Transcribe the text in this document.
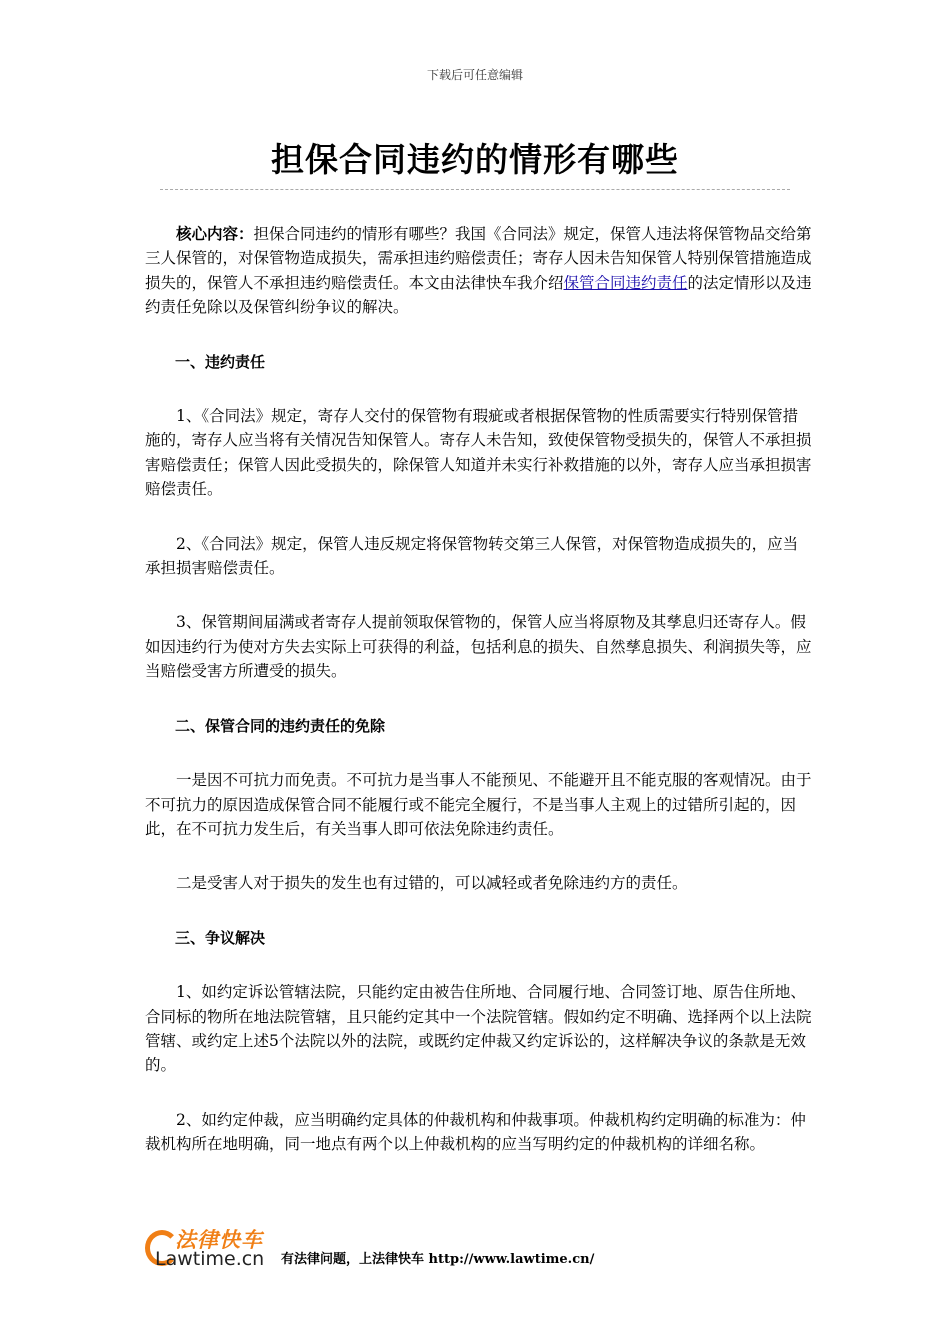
下载后可任意编辑
担保合同违约的情形有哪些

核心内容：担保合同违约的情形有哪些？我国《合同法》规定，保管人违法将保管物品交给第三人保管的，对保管物造成损失，需承担违约赔偿责任；寄存人因未告知保管人特别保管措施造成损失的，保管人不承担违约赔偿责任。本文由法律快车我介绍保管合同违约责任的法定情形以及违约责任免除以及保管纠纷争议的解决。

一、违约责任

1、《合同法》规定，寄存人交付的保管物有瑕疵或者根据保管物的性质需要实行特别保管措施的，寄存人应当将有关情况告知保管人。寄存人未告知，致使保管物受损失的，保管人不承担损害赔偿责任；保管人因此受损失的，除保管人知道并未实行补救措施的以外，寄存人应当承担损害赔偿责任。

2、《合同法》规定，保管人违反规定将保管物转交第三人保管，对保管物造成损失的，应当承担损害赔偿责任。

3、保管期间届满或者寄存人提前领取保管物的，保管人应当将原物及其孳息归还寄存人。假如因违约行为使对方失去实际上可获得的利益，包括利息的损失、自然孳息损失、利润损失等，应当赔偿受害方所遭受的损失。

二、保管合同的违约责任的免除

一是因不可抗力而免责。不可抗力是当事人不能预见、不能避开且不能克服的客观情况。由于不可抗力的原因造成保管合同不能履行或不能完全履行，不是当事人主观上的过错所引起的，因此，在不可抗力发生后，有关当事人即可依法免除违约责任。

二是受害人对于损失的发生也有过错的，可以减轻或者免除违约方的责任。

三、争议解决

1、如约定诉讼管辖法院，只能约定由被告住所地、合同履行地、合同签订地、原告住所地、合同标的物所在地法院管辖，且只能约定其中一个法院管辖。假如约定不明确、选择两个以上法院管辖、或约定上述5个法院以外的法院，或既约定仲裁又约定诉讼的，这样解决争议的条款是无效的。

2、如约定仲裁，应当明确约定具体的仲裁机构和仲裁事项。仲裁机构约定明确的标准为：仲裁机构所在地明确，同一地点有两个以上仲裁机构的应当写明约定的仲裁机构的详细名称。

法律快车
Lawtime.cn 有法律问题，上法律快车 http://www.lawtime.cn/
